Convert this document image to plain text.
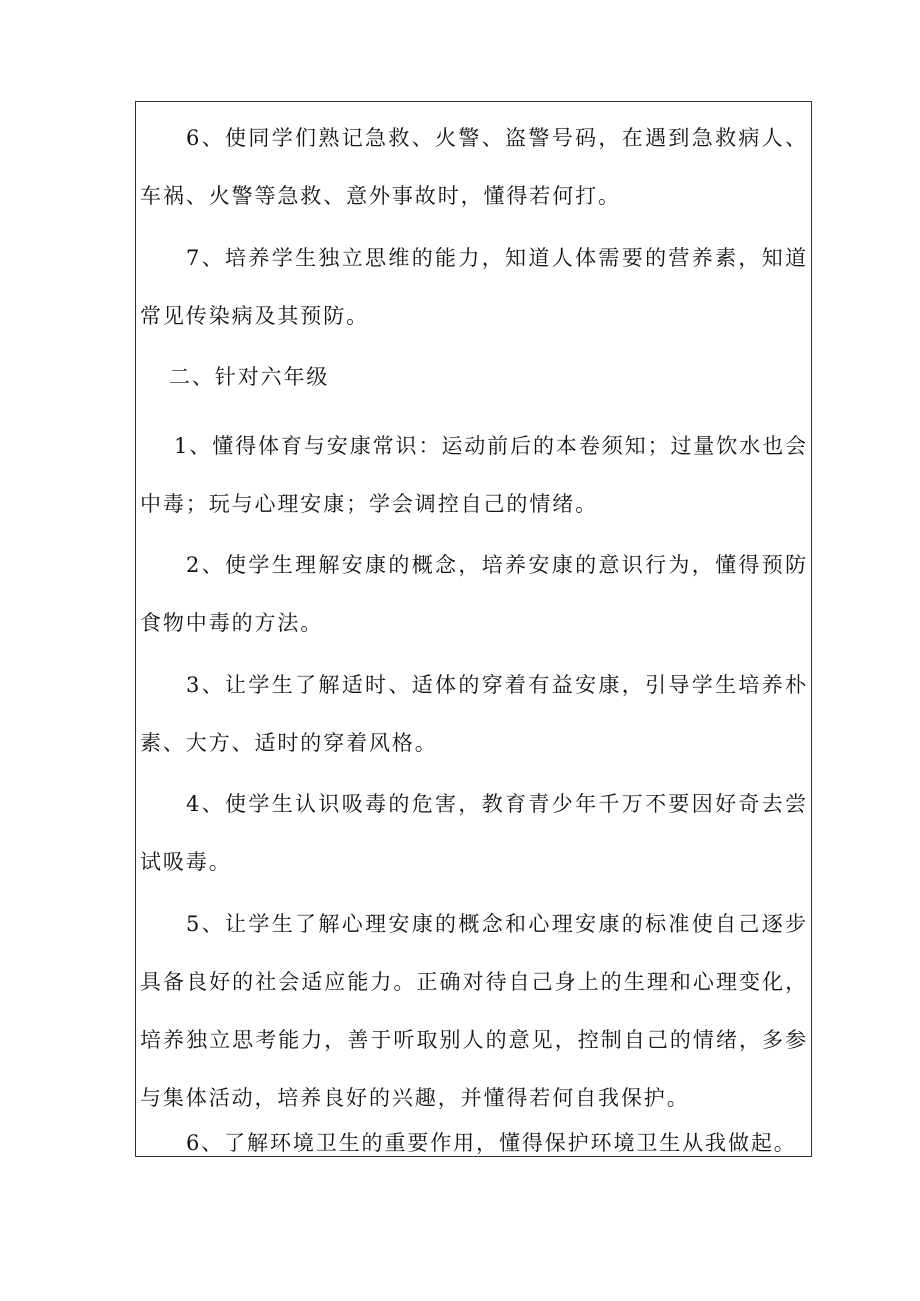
6、使同学们熟记急救、火警、盗警号码，在遇到急救病人、车祸、火警等急救、意外事故时，懂得若何打。

7、培养学生独立思维的能力，知道人体需要的营养素，知道常见传染病及其预防。

二、针对六年级

1、懂得体育与安康常识：运动前后的本卷须知；过量饮水也会中毒；玩与心理安康；学会调控自己的情绪。

2、使学生理解安康的概念，培养安康的意识行为，懂得预防食物中毒的方法。

3、让学生了解适时、适体的穿着有益安康，引导学生培养朴素、大方、适时的穿着风格。

4、使学生认识吸毒的危害，教育青少年千万不要因好奇去尝试吸毒。

5、让学生了解心理安康的概念和心理安康的标准使自己逐步具备良好的社会适应能力。正确对待自己身上的生理和心理变化，培养独立思考能力，善于听取别人的意见，控制自己的情绪，多参与集体活动，培养良好的兴趣，并懂得若何自我保护。

6、了解环境卫生的重要作用，懂得保护环境卫生从我做起。
